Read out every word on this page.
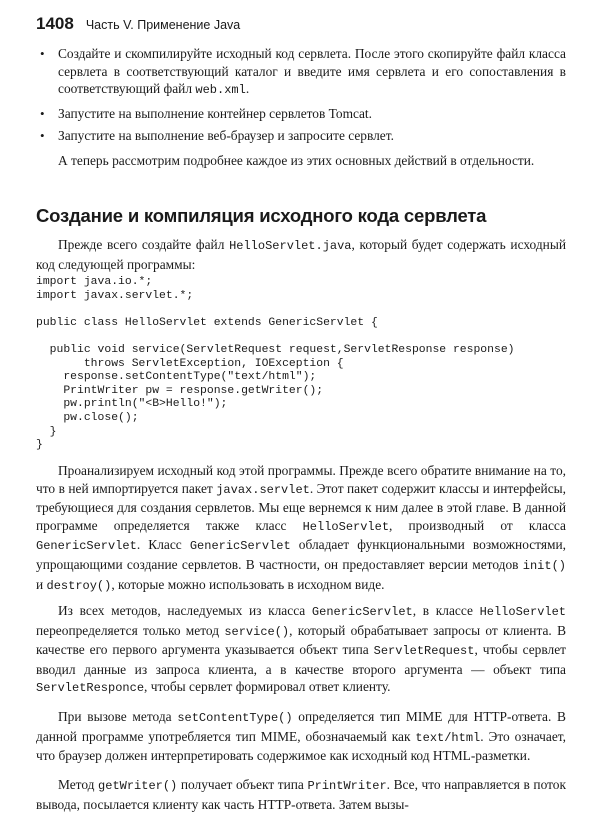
1408 Часть V. Применение Java
• Создайте и скомпилируйте исходный код сервлета. После этого скопируйте файл класса сервлета в соответствующий каталог и введите имя сервлета и его сопоставления в соответствующий файл web.xml.
• Запустите на выполнение контейнер сервлетов Tomcat.
• Запустите на выполнение веб-браузер и запросите сервлет.

А теперь рассмотрим подробнее каждое из этих основных действий в отдельности.

Создание и компиляция исходного кода сервлета

Прежде всего создайте файл HelloServlet.java, который будет содержать исходный код следующей программы:

import java.io.*;
import javax.servlet.*;

public class HelloServlet extends GenericServlet {

public void service(ServletRequest request,ServletResponse response)
throws ServletException, IOException {
response.setContentType("text/html");
PrintWriter pw = response.getWriter();
pw.println("<B>Hello!");
pw.close();
}
}

Проанализируем исходный код этой программы. Прежде всего обратите внимание на то, что в ней импортируется пакет javax.servlet. Этот пакет содержит классы и интерфейсы, требующиеся для создания сервлетов. Мы еще вернемся к ним далее в этой главе. В данной программе определяется также класс HelloServlet, производный от класса GenericServlet. Класс GenericServlet обладает функциональными возможностями, упрощающими создание сервлетов. В частности, он предоставляет версии методов init() и destroy(), которые можно использовать в исходном виде.

Из всех методов, наследуемых из класса GenericServlet, в классе HelloServlet переопределяется только метод service(), который обрабатывает запросы от клиента. В качестве его первого аргумента указывается объект типа ServletRequest, чтобы сервлет вводил данные из запроса клиента, а в качестве второго аргумента — объект типа ServletResponce, чтобы сервлет формировал ответ клиенту.

При вызове метода setContentType() определяется тип MIME для HTTP-ответа. В данной программе употребляется тип MIME, обозначаемый как text/html. Это означает, что браузер должен интерпретировать содержимое как исходный код HTML-разметки.

Метод getWriter() получает объект типа PrintWriter. Все, что направляется в поток вывода, посылается клиенту как часть HTTP-ответа. Затем вызы-
